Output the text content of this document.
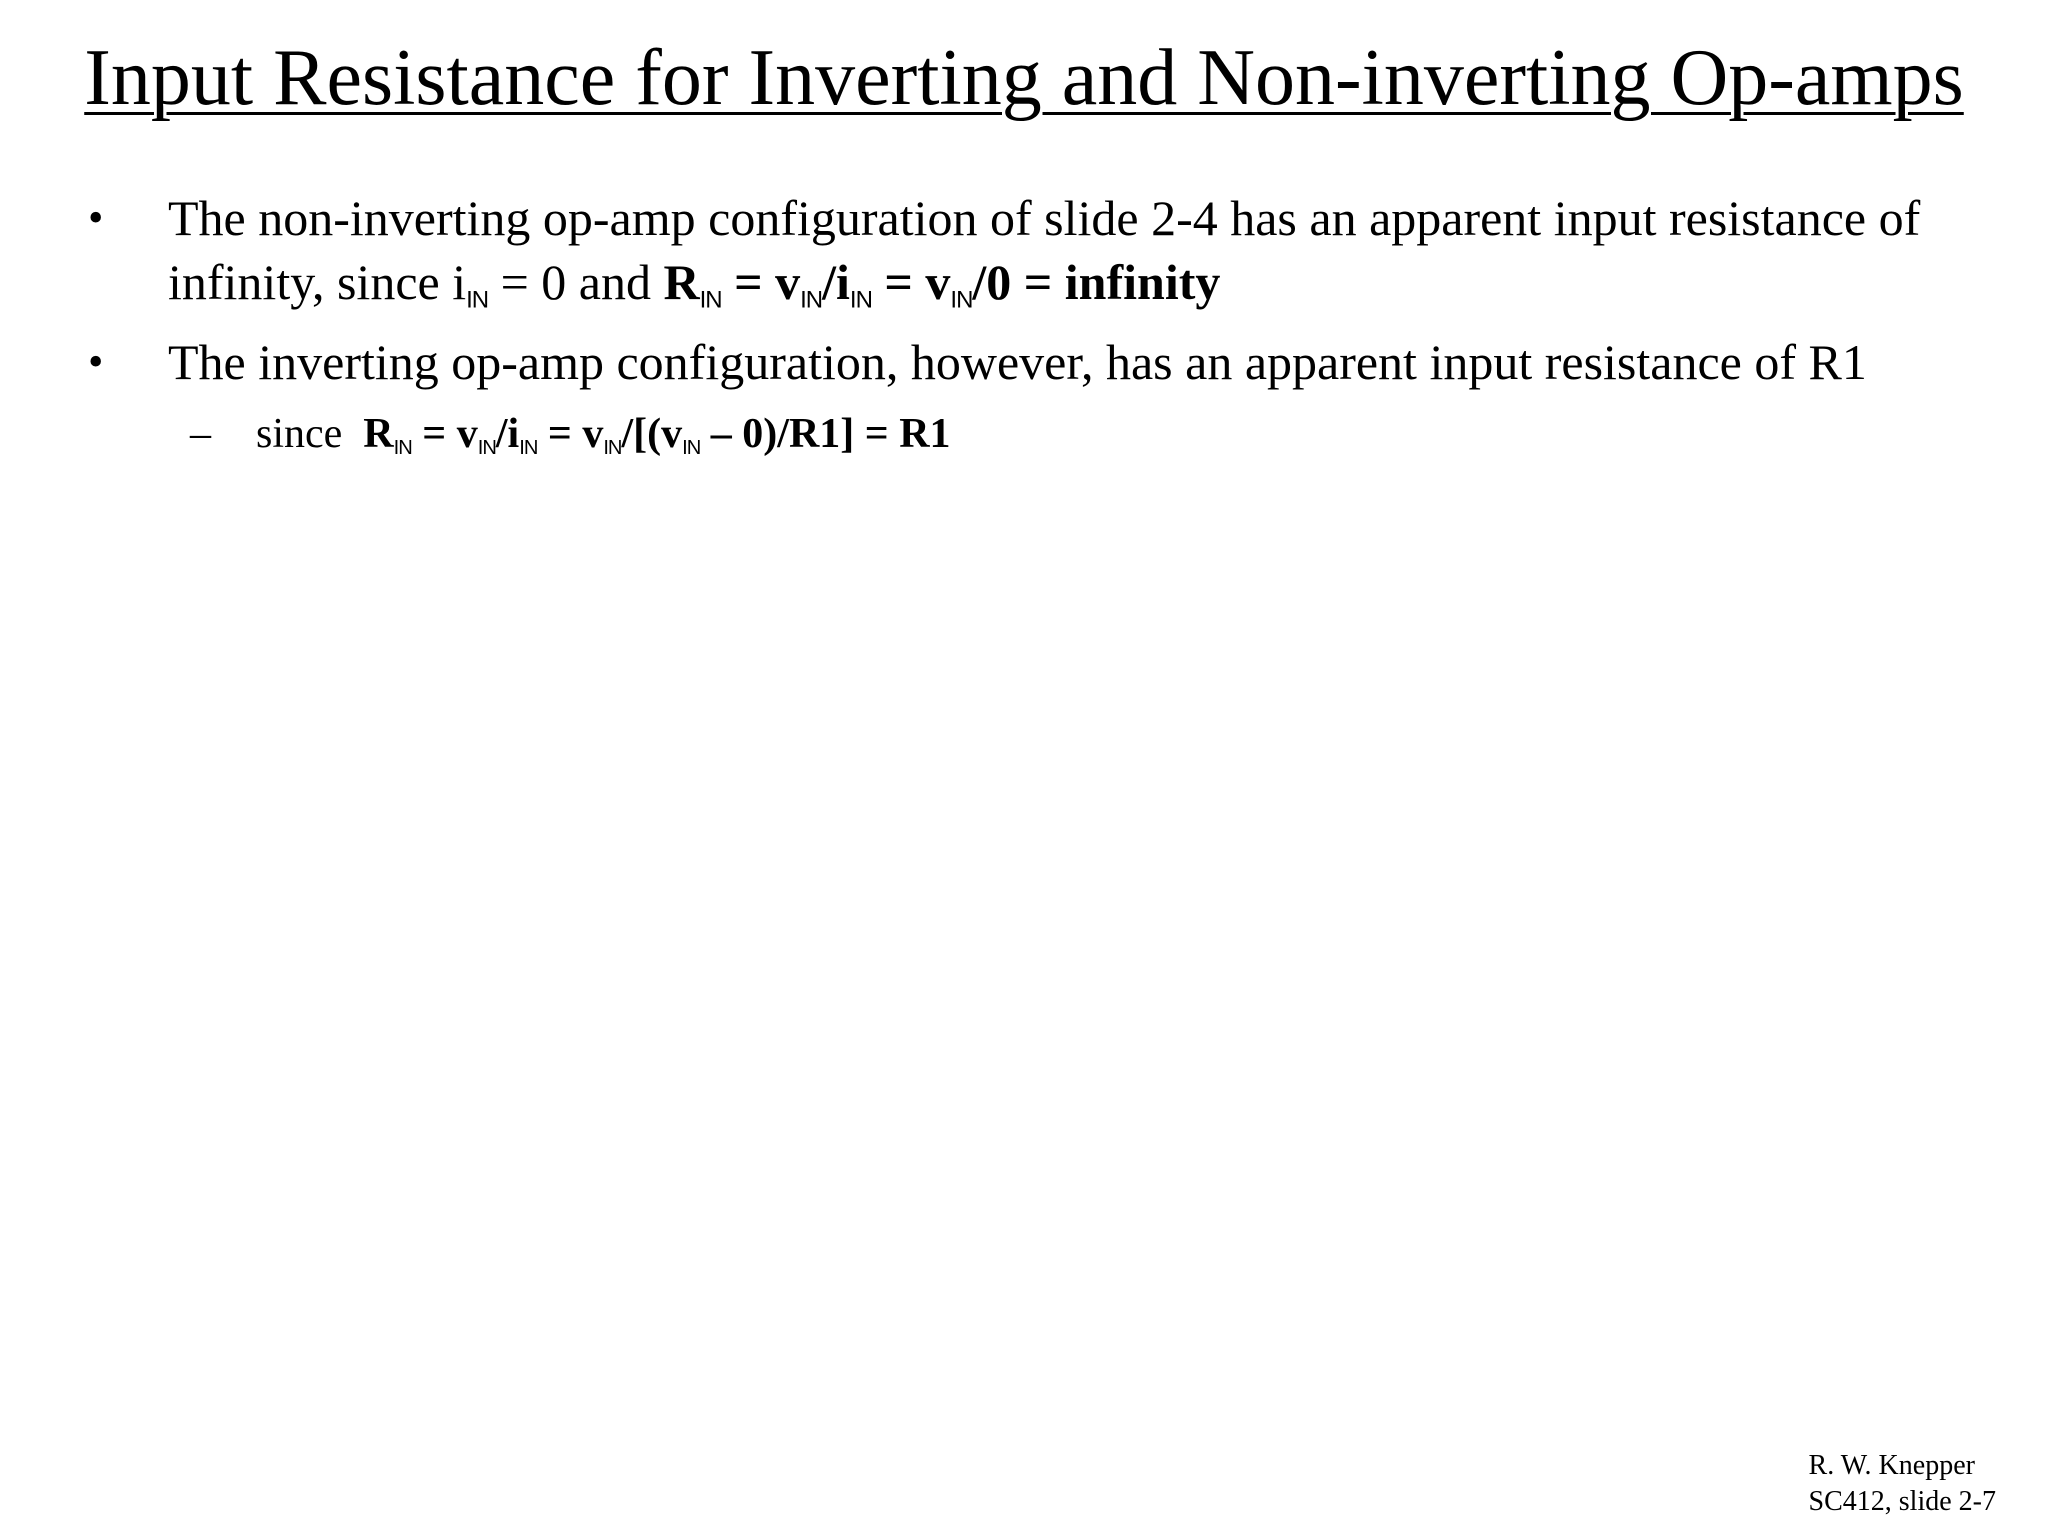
Input Resistance for Inverting and Non-inverting Op-amps
• The non-inverting op-amp configuration of slide 2-4 has an apparent input resistance of
infinity, since iIN = 0 and RIN = vIN/iIN = vIN/0 = infinity
• The inverting op-amp configuration, however, has an apparent input resistance of R1
– since  RIN = vIN/iIN = vIN/[(vIN – 0)/R1] = R1
R. W. Knepper
SC412, slide 2-7
